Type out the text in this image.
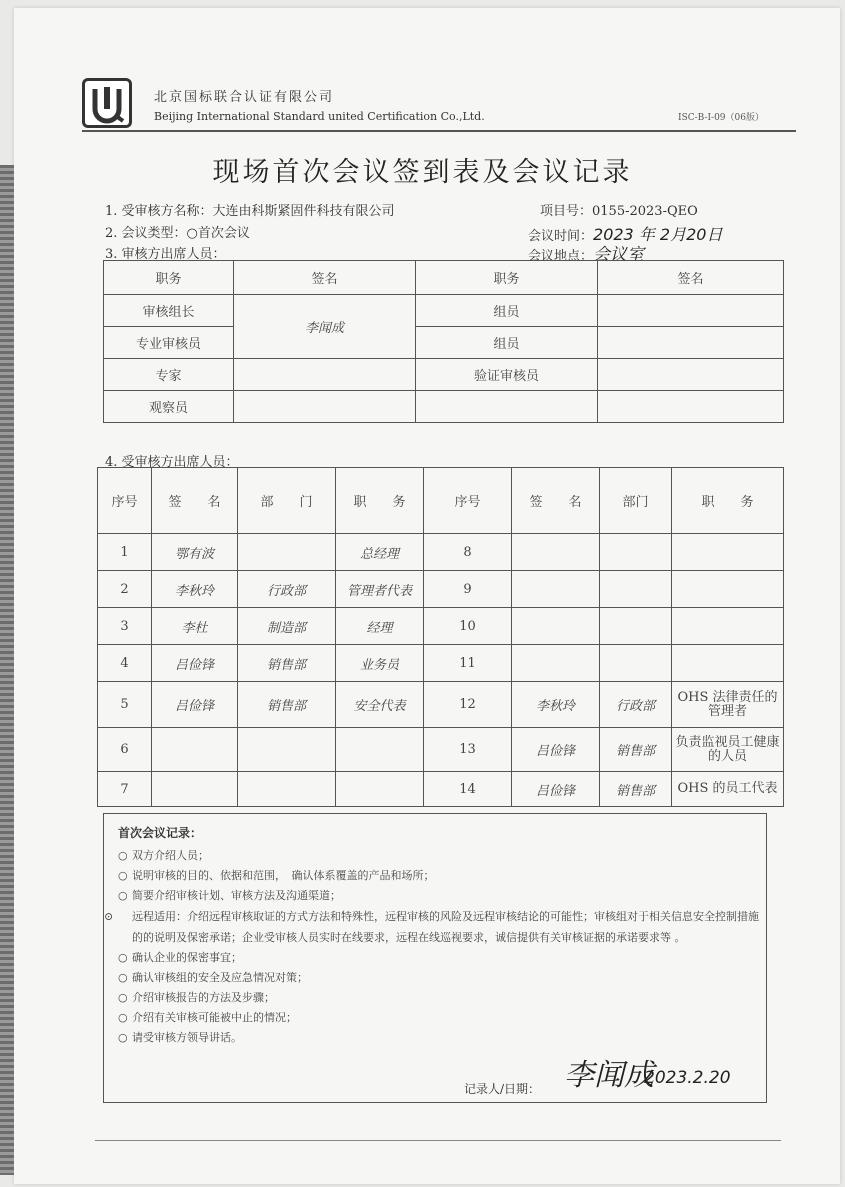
北京国标联合认证有限公司
Beijing International Standard united Certification Co.,Ltd.	ISC-B-I-09（06版）
现场首次会议签到表及会议记录
1. 受审核方名称：大连由科斯紧固件科技有限公司	项目号：0155-2023-QEO
2. 会议类型：○首次会议	会议时间：2023 年 2月20日
3. 审核方出席人员：	会议地点：会议室
职务	签名	职务	签名
审核组长	李闻成	组员	
专业审核员		组员	
专家		验证审核员	
观察员			
4. 受审核方出席人员：
序号	签　　名	部　　门	职　　务	序号	签　　名	部门	职　　务
1	鄂有波		总经理	8			
2	李秋玲	行政部	管理者代表	9			
3	李杜	制造部	经理	10			
4	吕俭锋	销售部	业务员	11			
5	吕俭锋	销售部	安全代表	12	李秋玲	行政部	OHS 法律责任的管理者
6				13	吕俭锋	销售部	负责监视员工健康的人员
7				14	吕俭锋	销售部	OHS 的员工代表
首次会议记录：
○ 双方介绍人员；
○ 说明审核的目的、依据和范围，　确认体系覆盖的产品和场所；
○ 简要介绍审核计划、审核方法及沟通渠道；
⊙ 远程适用：介绍远程审核取证的方式方法和特殊性，远程审核的风险及远程审核结论的可能性；审核组对于相关信息安全控制措施的的说明及保密承诺；企业受审核人员实时在线要求，远程在线巡视要求，诚信提供有关审核证据的承诺要求等 。
○ 确认企业的保密事宜；
○ 确认审核组的安全及应急情况对策；
○ 介绍审核报告的方法及步骤；
○ 介绍有关审核可能被中止的情况；
○ 请受审核方领导讲话。
记录人/日期： 李闻成
2023.2.20
